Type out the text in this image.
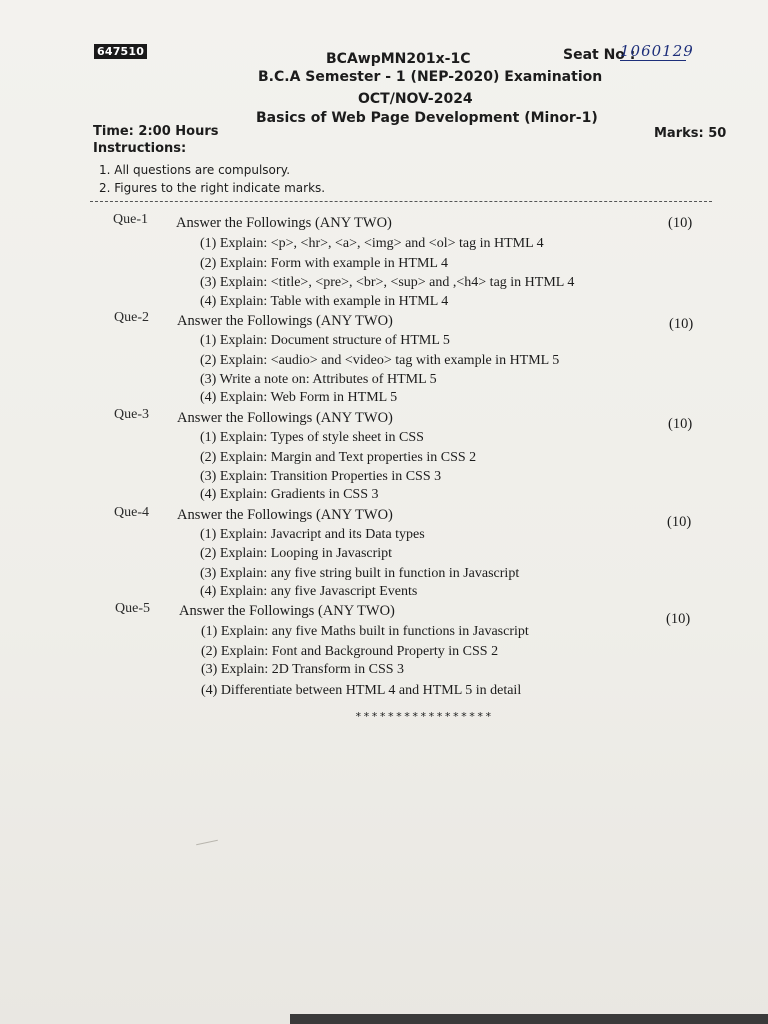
647510	BCAwpMN201x-1C	Seat No :
1060129
B.C.A Semester - 1 (NEP-2020) Examination
OCT/NOV-2024
Basics of Web Page Development (Minor-1)
Time: 2:00 Hours	Marks: 50
Instructions:
1. All questions are compulsory.
2. Figures to the right indicate marks.
Que-1 Answer the Followings (ANY TWO)	(10)
(1) Explain: <p>, <hr>, <a>, <img> and <ol> tag in HTML 4
(2) Explain: Form with example in HTML 4
(3) Explain: <title>, <pre>, <br>, <sup> and ,<h4> tag in HTML 4
(4) Explain: Table with example in HTML 4
Que-2 Answer the Followings (ANY TWO)	(10)
(1) Explain: Document structure of HTML 5
(2) Explain: <audio> and <video> tag with example in HTML 5
(3) Write a note on: Attributes of HTML 5
(4) Explain: Web Form in HTML 5
Que-3 Answer the Followings (ANY TWO)	(10)
(1) Explain: Types of style sheet in CSS
(2) Explain: Margin and Text properties in CSS 2
(3) Explain: Transition Properties in CSS 3
(4) Explain: Gradients in CSS 3
Que-4 Answer the Followings (ANY TWO)	(10)
(1) Explain: Javacript and its Data types
(2) Explain: Looping in Javascript
(3) Explain: any five string built in function in Javascript
(4) Explain: any five Javascript Events
Que-5 Answer the Followings (ANY TWO)	(10)
(1) Explain: any five Maths built in functions in Javascript
(2) Explain: Font and Background Property in CSS 2
(3) Explain: 2D Transform in CSS 3
(4) Differentiate between HTML 4 and HTML 5 in detail
*****************
